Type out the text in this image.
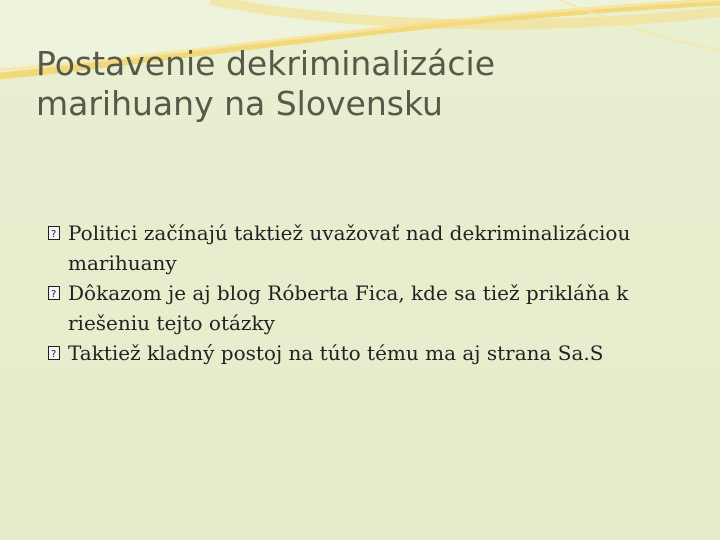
Postavenie dekriminalizácie
marihuany na Slovensku
?
Politici začínajú taktiež uvažovať nad dekriminalizáciou marihuany
?
Dôkazom je aj blog Róberta Fica, kde sa tiež prikláňa k riešeniu tejto otázky
?
Taktiež kladný postoj na túto tému ma aj strana Sa.S
